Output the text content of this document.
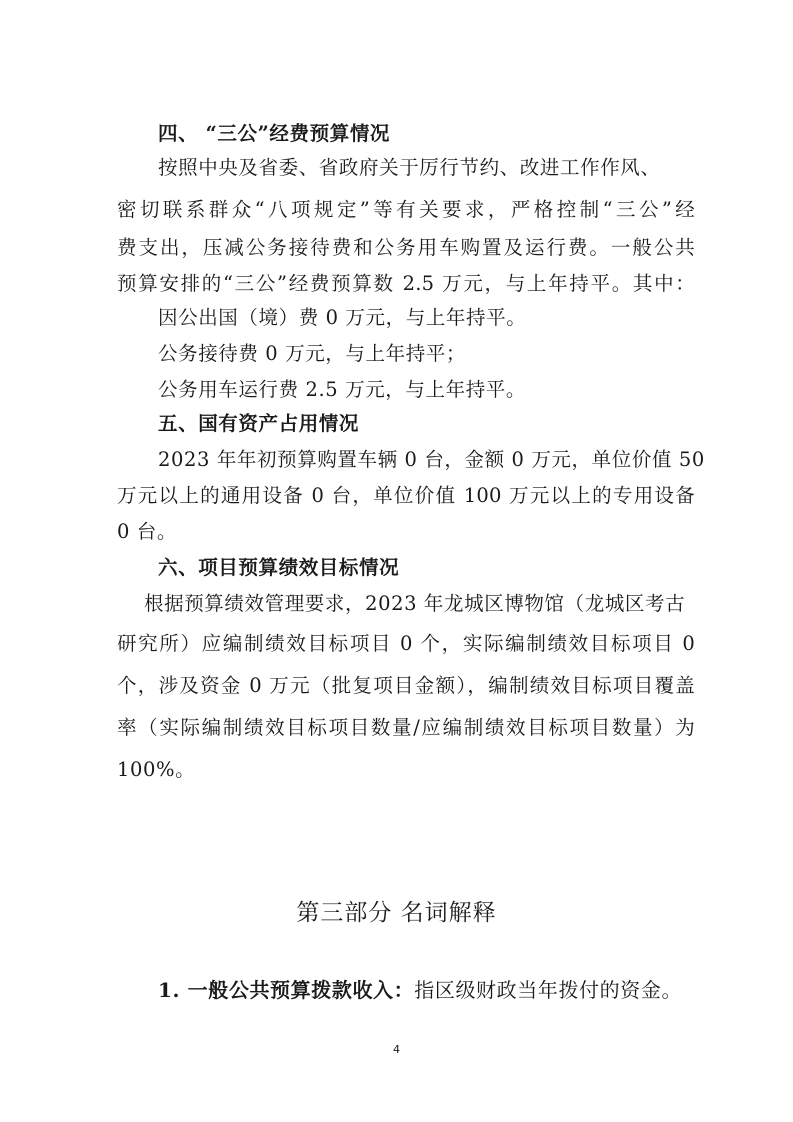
四、 “三公”经费预算情况
按照中央及省委、省政府关于厉行节约、改进工作作风、
密切联系群众“八项规定”等有关要求，严格控制“三公”经
费支出，压减公务接待费和公务用车购置及运行费。一般公共
预算安排的“三公”经费预算数 2.5 万元，与上年持平。其中：
因公出国（境）费 0 万元，与上年持平。
公务接待费 0 万元，与上年持平；
公务用车运行费 2.5 万元，与上年持平。
五、国有资产占用情况
2023 年年初预算购置车辆 0 台，金额 0 万元，单位价值 50
万元以上的通用设备 0 台，单位价值 100 万元以上的专用设备
0 台。
六、项目预算绩效目标情况
根据预算绩效管理要求，2023 年龙城区博物馆（龙城区考古
研究所）应编制绩效目标项目 0 个，实际编制绩效目标项目 0
个，涉及资金 0 万元（批复项目金额），编制绩效目标项目覆盖
率（实际编制绩效目标项目数量/应编制绩效目标项目数量）为
100%。
第三部分 名词解释
1. 一般公共预算拨款收入：指区级财政当年拨付的资金。
4
